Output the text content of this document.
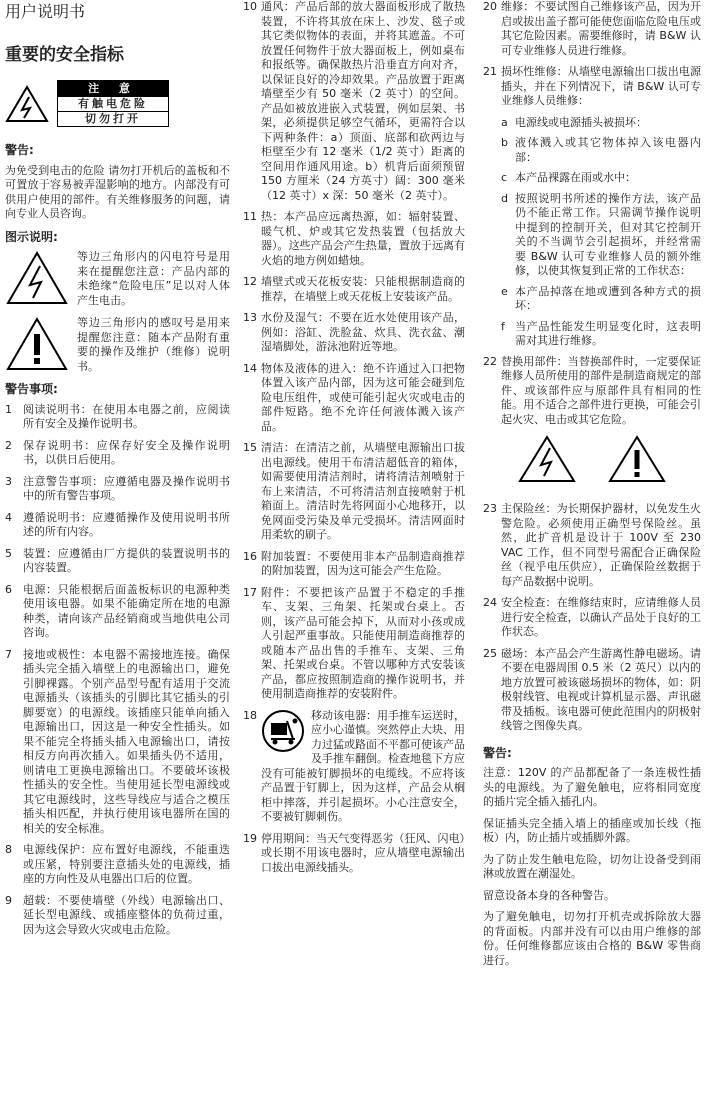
用户说明书
重要的安全指标
注 意
有触电危险
切勿打开
警告:

为免受到电击的危险 请勿打开机后的盖板和不可置放于容易被弄湿影响的地方。内部没有可供用户使用的部件。有关维修服务的问题，请向专业人员咨询。

图示说明:

等边三角形内的闪电符号是用来在提醒您注意：产品内部的未绝缘“危险电压”足以对人体产生电击。

等边三角形内的感叹号是用来提醒您注意：随本产品附有重要的操作及维护（维修）说明书。

警告事项:
1	阅读说明书：在使用本电器之前，应阅读所有安全及操作说明书。
2	保存说明书：应保存好安全及操作说明书，以供日后使用。
3	注意警告事项：应遵循电器及操作说明书中的所有警告事项。
4	遵循说明书：应遵循操作及使用说明书所述的所有内容。
5	装置：应遵循由厂方提供的装置说明书的内容装置。
6	电源：只能根据后面盖板标识的电源种类使用该电器。如果不能确定所在地的电源种类，请向该产品经销商或当地供电公司咨询。
7	接地或极性：本电器不需接地连接。确保插头完全插入墙壁上的电源输出口，避免引脚裸露。个别产品型号配有适用于交流电源插头（该插头的引脚比其它插头的引脚要宽）的电源线。该插座只能单向插入电源输出口，因这是一种安全性插头。如果不能完全将插头插入电源输出口，请按相反方向再次插入。如果插头仍不适用，则请电工更换电源输出口。不要破坏该极性插头的安全性。当使用延长型电源线或其它电源线时，这些导线应与适合之模压插头相匹配，并执行使用该电器所在国的相关的安全标准。
8	电源线保护：应布置好电源线，不能重迭或压紧，特别要注意插头处的电源线，插座的方向性及从电器出口后的位置。
9	超载：不要使墙壁（外线）电源输出口、延长型电源线、或插座整体的负荷过重，因为这会导致火灾或电击危险。
10 通风：产品后部的放大器面板形成了散热装置，不许将其放在床上、沙发、毯子或其它类似物体的表面，并将其遮盖。不可放置任何物件于放大器面板上，例如桌布和报纸等。确保散热片沿垂直方向对齐，以保证良好的冷却效果。产品放置于距离墙壁至少有 50 毫米（2 英寸）的空间。产品如被放进嵌入式装置，例如层架、书架，必须提供足够空气循环，更需符合以下两种条件：a）顶面、底部和砍两边与柜壁至少有 12 毫米（1/2 英寸）距离的空间用作通风用途。b）机背后面须预留 150 方厘米（24 方英寸）阔：300 毫米（12 英寸）x 深：50 毫米（2 英寸）。
11 热：本产品应远离热源，如：辐射装置、暖气机、炉或其它发热装置（包括放大器）。这些产品会产生热量，置放于远离有火焰的地方例如蜡烛。
12 墙壁式或天花板安装：只能根据制造商的推荐，在墙壁上或天花板上安装该产品。
13 水份及湿气：不要在近水处使用该产品，例如：浴缸、洗脸盆、炊具、洗衣盆、潮湿墙脚处，游泳池附近等地。
14 物体及液体的进入：绝不许通过入口把物体置入该产品内部，因为这可能会碰到危险电压组件，或使可能引起火灾或电击的部件短路。绝不允许任何液体溅入该产品。
15 清洁：在清洁之前，从墙壁电源输出口拔出电源线。使用干布清洁超低音的箱体，如需要使用清洁剂时，请将清洁剂喷射于布上来清洁，不可将清洁剂直接喷射于机箱面上。清洁时先将网面小心地移开，以免网面受污染及单元受损坏。清洁网面时用柔软的刷子。
16 附加装置：不要使用非本产品制造商推荐的附加装置，因为这可能会产生危险。
17 附件：不要把该产品置于不稳定的手推车、支架、三角架、托架或台桌上。否则，该产品可能会掉下，从而对小孩或成人引起严重事故。只能使用制造商推荐的或随本产品出售的手推车、支架、三角架、托架或台桌。不管以哪种方式安装该产品，都应按照制造商的操作说明书，并使用制造商推荐的安装附件。
18	移动该电器：用手推车运送时，应小心谨慎。突然停止大块、用力过猛或路面不平都可使该产品及手推车翻倒。检查地毯下方应没有可能被钉脚损坏的电缆线。不应将该产品置于钉脚上，因为这样，产品会从榈柜中摔落，并引起损坏。小心注意安全，不要被钉脚刺伤。
19 停用期间：当天气变得恶劣（狂风、闪电）或长期不用该电器时，应从墙壁电源输出口拔出电源线插头。
20 维修：不要试图自己维修该产品，因为开启或拔出盖子都可能使您面临危险电压或其它危险因素。需要维修时，请 B&W 认可专业维修人员进行维修。
21 损坏性维修：从墙壁电源输出口拔出电源插头，并在下列情况下，请 B&W 认可专业维修人员维修：
a 电源线或电源插头被损坏：
b 液体溅入或其它物体掉入该电器内部：
c 本产品裸露在雨或水中：
d 按照说明书所述的操作方法，该产品仍不能正常工作。只需调节操作说明中提到的控制开关，但对其它控制开关的不当调节会引起损坏，并经常需要 B&W 认可专业维修人员的额外维修，以使其恢复到正常的工作状态：
e 本产品掉落在地或遭到各种方式的损坏：
f 当产品性能发生明显变化时，这表明需对其进行维修。
22 替换用部件：当替换部件时，一定要保证维修人员所使用的部件是制造商规定的部件、或该部件应与原部件具有相同的性能。用不适合之部件进行更换，可能会引起火灾、电击或其它危险。
23 主保险丝：为长期保护器材，以免发生火警危险。必须使用正确型号保险丝。虽然，此扩音机是设计于 100V 至 230 VAC 工作，但不同型号需配合正确保险丝（视乎电压供应），正确保险丝数据于每产品数据中说明。
24 安全检查：在维修结束时，应请维修人员进行安全检查，以确认产品处于良好的工作状态。
25 磁场：本产品会产生游离性静电磁场。请不要在电器周围 0.5 米（2 英尺）以内的地方放置可被该磁场损坏的物体，如：阴极射线管、电视或计算机显示器、声讯磁带及插板。该电器可使此范围内的阴极射线管之图像失真。
警告:

注意：120V 的产品都配备了一条连极性插头的电源线。为了避免触电，应将相同宽度的插片完全插入插孔内。

保证插头完全插入墙上的插座或加长线（拖板）内，防止插片或插脚外露。

为了防止发生触电危险，切勿让设备受到雨淋或放置在潮湿处。

留意设备本身的各种警告。

为了避免触电，切勿打开机壳或拆除放大器的背面板。内部并没有可以由用户维修的部份。任何维修都应该由合格的 B&W 零售商进行。
